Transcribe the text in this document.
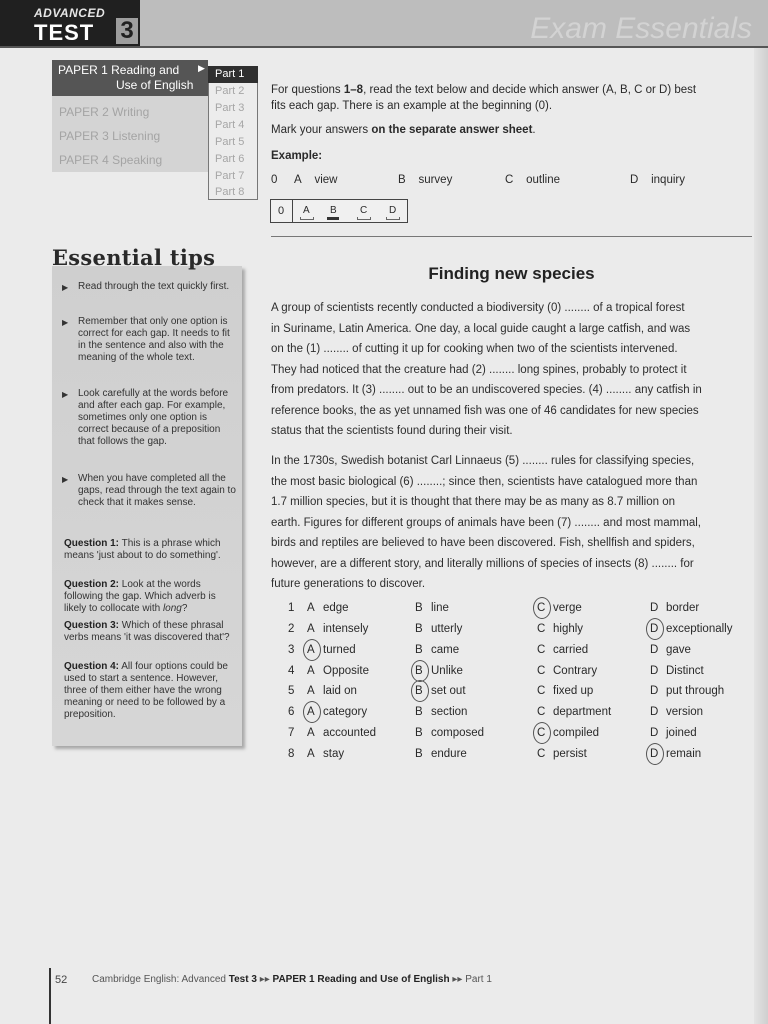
ADVANCED
TEST 3	Exam Essentials
PAPER 1 Reading and
Use of English
▶
PAPER 2 Writing
PAPER 3 Listening
PAPER 4 Speaking
Part 1
Part 2
Part 3
Part 4
Part 5
Part 6
Part 7
Part 8
For questions 1–8, read the text below and decide which answer (A, B, C or D) best
fits each gap. There is an example at the beginning (0).
Mark your answers on the separate answer sheet.
Example:
0 A view	B survey	C outline	D inquiry
0 A B C D
Essential tips
▶ Read through the text quickly first.
▶ Remember that only one option is correct for each gap. It needs to fit in the sentence and also with the meaning of the whole text.
▶ Look carefully at the words before and after each gap. For example, sometimes only one option is correct because of a preposition that follows the gap.
▶ When you have completed all the gaps, read through the text again to check that it makes sense.
Question 1: This is a phrase which means 'just about to do something'.
Question 2: Look at the words following the gap. Which adverb is likely to collocate with long?
Question 3: Which of these phrasal verbs means 'it was discovered that'?
Question 4: All four options could be used to start a sentence. However, three of them either have the wrong meaning or need to be followed by a preposition.
Finding new species
A group of scientists recently conducted a biodiversity (0) ........ of a tropical forest
in Suriname, Latin America. One day, a local guide caught a large catfish, and was
on the (1) ........ of cutting it up for cooking when two of the scientists intervened.
They had noticed that the creature had (2) ........ long spines, probably to protect it
from predators. It (3) ........ out to be an undiscovered species. (4) ........ any catfish in
reference books, the as yet unnamed fish was one of 46 candidates for new species
status that the scientists found during their visit.
In the 1730s, Swedish botanist Carl Linnaeus (5) ........ rules for classifying species,
the most basic biological (6) ........; since then, scientists have catalogued more than
1.7 million species, but it is thought that there may be as many as 8.7 million on
earth. Figures for different groups of animals have been (7) ........ and most mammal,
birds and reptiles are believed to have been discovered. Fish, shellfish and spiders,
however, are a different story, and literally millions of species of insects (8) ........ for
future generations to discover.
1 A edge	B line	C verge	D border
2 A intensely	B utterly	C highly	D exceptionally
3 A turned	B came	C carried	D gave
4 A Opposite	B Unlike	C Contrary	D Distinct
5 A laid on	B set out	C fixed up	D put through
6 A category	B section	C department	D version
7 A accounted	B composed	C compiled	D joined
8 A stay	B endure	C persist	D remain
52 Cambridge English: Advanced Test 3 ▸▸ PAPER 1 Reading and Use of English ▸▸ Part 1
